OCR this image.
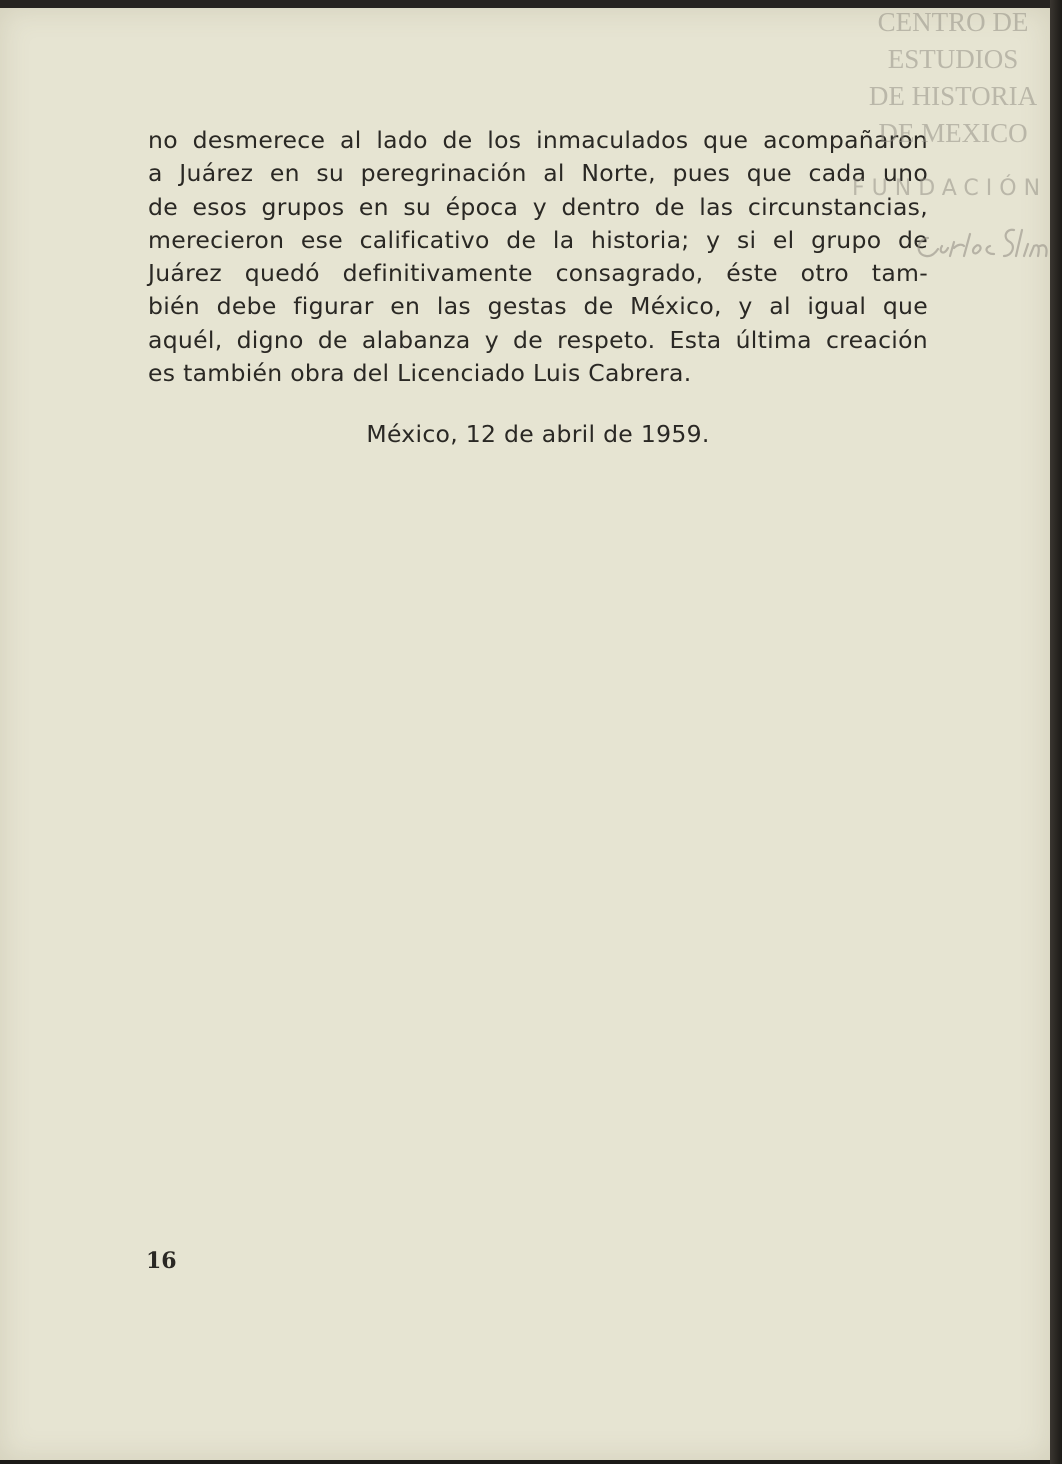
no desmerece al lado de los inmaculados que acompañaron
a Juárez en su peregrinación al Norte, pues que cada uno
de esos grupos en su época y dentro de las circunstancias,
merecieron ese calificativo de la historia; y si el grupo de
Juárez quedó definitivamente consagrado, éste otro tam-
bién debe figurar en las gestas de México, y al igual que
aquél, digno de alabanza y de respeto. Esta última creación
es también obra del Licenciado Luis Cabrera.
México, 12 de abril de 1959.
16
CENTRO DE
ESTUDIOS
DE HISTORIA
DE MEXICO
FUNDACIÓN
